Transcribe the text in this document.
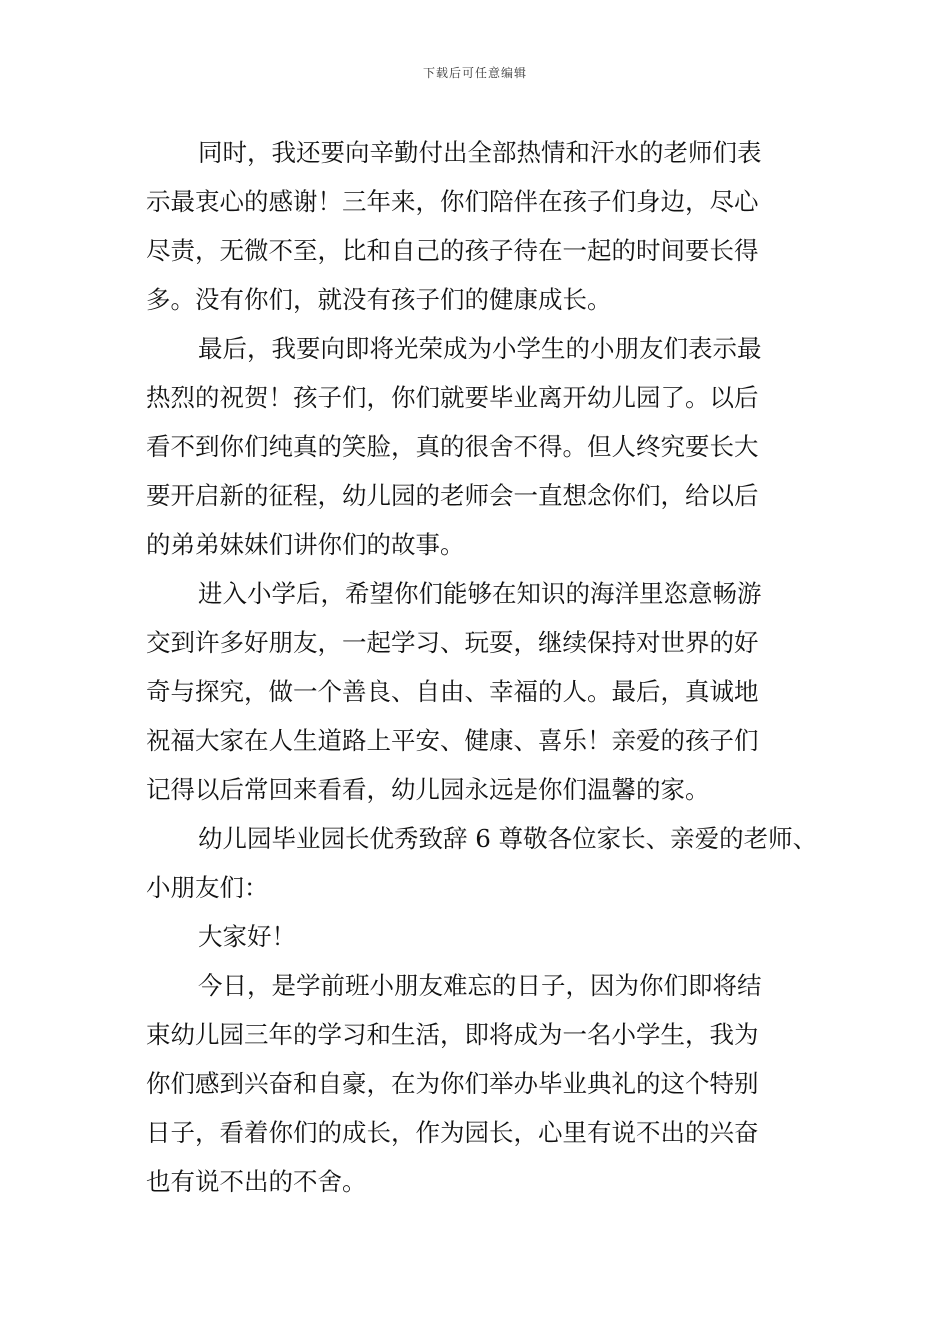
下载后可任意编辑
同时，我还要向辛勤付出全部热情和汗水的老师们表
示最衷心的感谢！三年来，你们陪伴在孩子们身边，尽心
尽责，无微不至，比和自己的孩子待在一起的时间要长得
多。没有你们，就没有孩子们的健康成长。
最后，我要向即将光荣成为小学生的小朋友们表示最
热烈的祝贺！孩子们，你们就要毕业离开幼儿园了。以后
看不到你们纯真的笑脸，真的很舍不得。但人终究要长大
要开启新的征程，幼儿园的老师会一直想念你们，给以后
的弟弟妹妹们讲你们的故事。
进入小学后，希望你们能够在知识的海洋里恣意畅游
交到许多好朋友，一起学习、玩耍，继续保持对世界的好
奇与探究，做一个善良、自由、幸福的人。最后，真诚地
祝福大家在人生道路上平安、健康、喜乐！亲爱的孩子们
记得以后常回来看看，幼儿园永远是你们温馨的家。
幼儿园毕业园长优秀致辞 6 尊敬各位家长、亲爱的老师、
小朋友们：
大家好！
今日，是学前班小朋友难忘的日子，因为你们即将结
束幼儿园三年的学习和生活，即将成为一名小学生，我为
你们感到兴奋和自豪，在为你们举办毕业典礼的这个特别
日子，看着你们的成长，作为园长，心里有说不出的兴奋
也有说不出的不舍。
